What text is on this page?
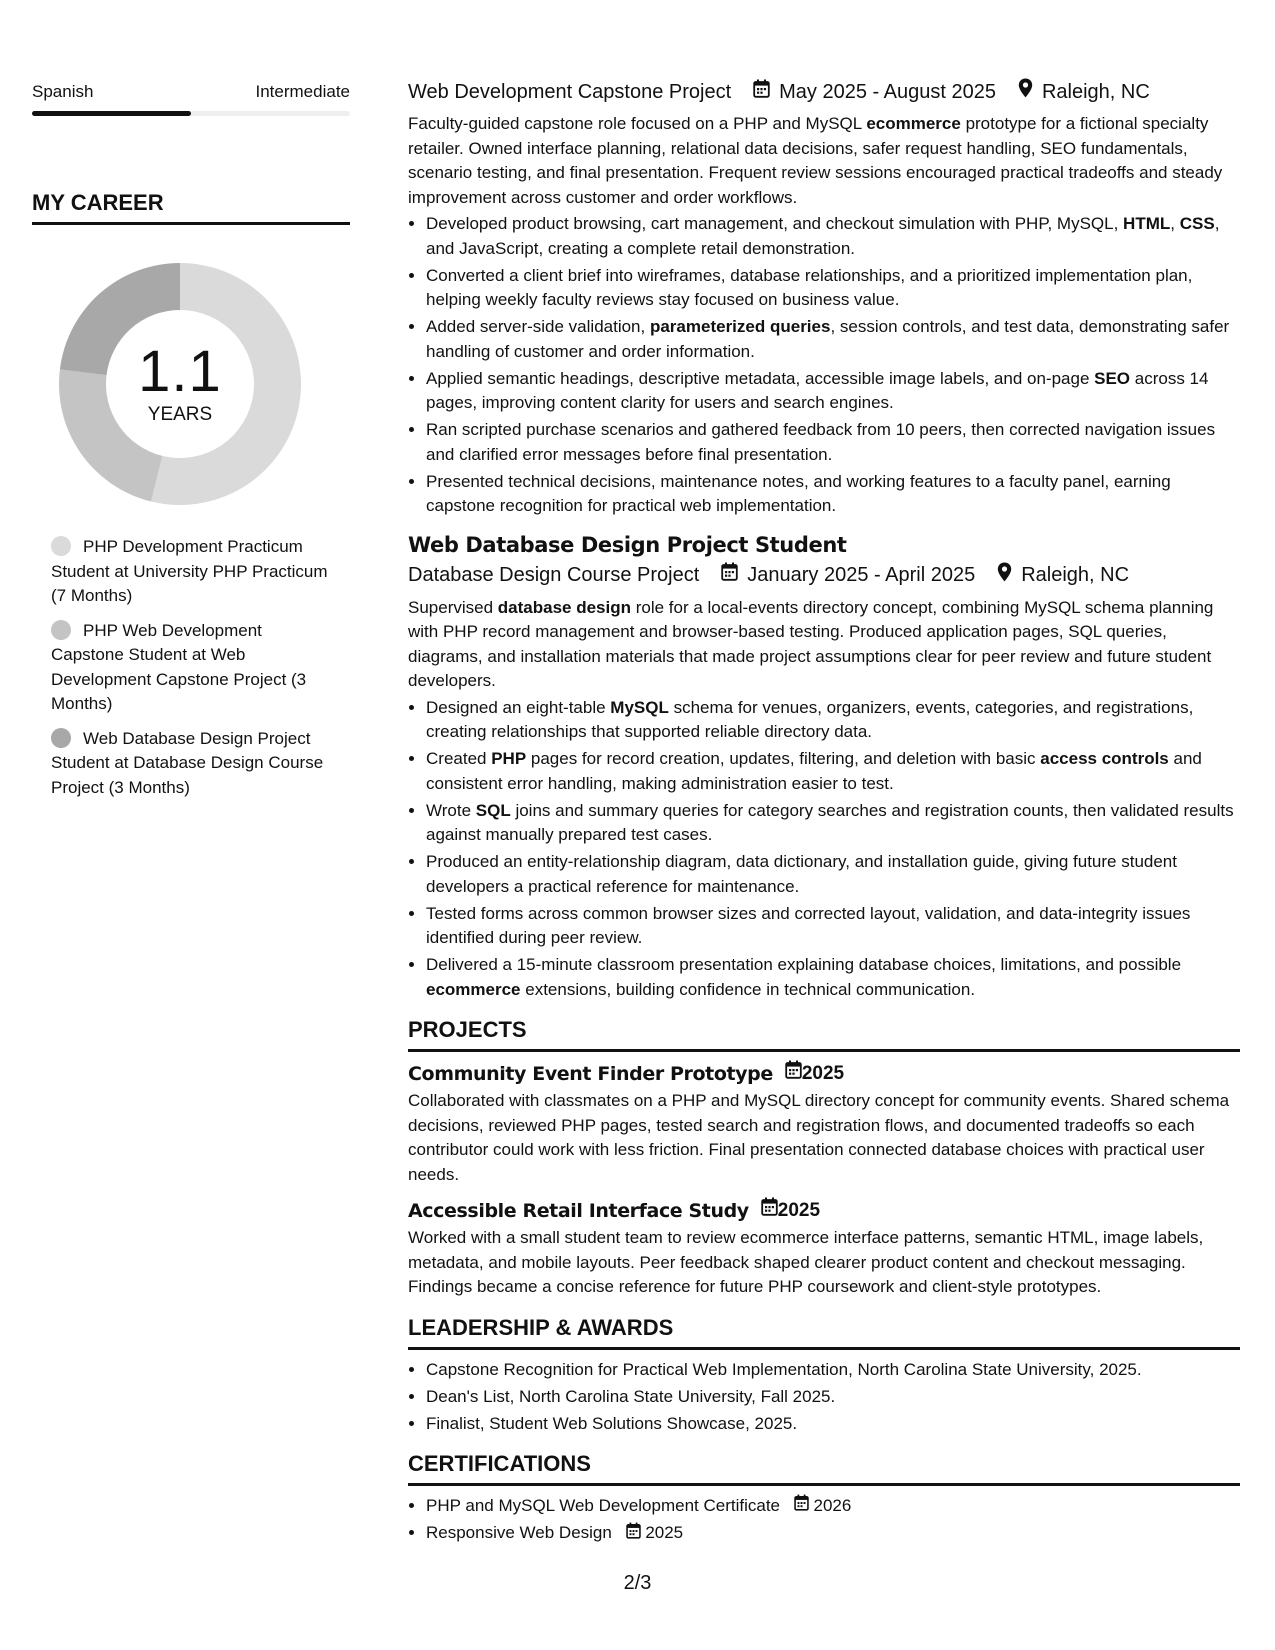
Spanish	Intermediate
MY CAREER
1.1
YEARS
PHP Development Practicum Student at University PHP Practicum (7 Months)
PHP Web Development Capstone Student at Web Development Capstone Project (3 Months)
Web Database Design Project Student at Database Design Course Project (3 Months)
Web Development Capstone Project May 2025 - August 2025 Raleigh, NC

Faculty-guided capstone role focused on a PHP and MySQL ecommerce prototype for a fictional specialty retailer. Owned interface planning, relational data decisions, safer request handling, SEO fundamentals, scenario testing, and final presentation. Frequent review sessions encouraged practical tradeoffs and steady improvement across customer and order workflows.

• Developed product browsing, cart management, and checkout simulation with PHP, MySQL, HTML, CSS, and JavaScript, creating a complete retail demonstration.
• Converted a client brief into wireframes, database relationships, and a prioritized implementation plan, helping weekly faculty reviews stay focused on business value.
• Added server-side validation, parameterized queries, session controls, and test data, demonstrating safer handling of customer and order information.
• Applied semantic headings, descriptive metadata, accessible image labels, and on-page SEO across 14 pages, improving content clarity for users and search engines.
• Ran scripted purchase scenarios and gathered feedback from 10 peers, then corrected navigation issues and clarified error messages before final presentation.
• Presented technical decisions, maintenance notes, and working features to a faculty panel, earning capstone recognition for practical web implementation.
Web Database Design Project Student
Database Design Course Project January 2025 - April 2025 Raleigh, NC

Supervised database design role for a local-events directory concept, combining MySQL schema planning with PHP record management and browser-based testing. Produced application pages, SQL queries, diagrams, and installation materials that made project assumptions clear for peer review and future student developers.

• Designed an eight-table MySQL schema for venues, organizers, events, categories, and registrations, creating relationships that supported reliable directory data.
• Created PHP pages for record creation, updates, filtering, and deletion with basic access controls and consistent error handling, making administration easier to test.
• Wrote SQL joins and summary queries for category searches and registration counts, then validated results against manually prepared test cases.
• Produced an entity-relationship diagram, data dictionary, and installation guide, giving future student developers a practical reference for maintenance.
• Tested forms across common browser sizes and corrected layout, validation, and data-integrity issues identified during peer review.
• Delivered a 15-minute classroom presentation explaining database choices, limitations, and possible ecommerce extensions, building confidence in technical communication.
PROJECTS
Community Event Finder Prototype 2025

Collaborated with classmates on a PHP and MySQL directory concept for community events. Shared schema decisions, reviewed PHP pages, tested search and registration flows, and documented tradeoffs so each contributor could work with less friction. Final presentation connected database choices with practical user needs.

Accessible Retail Interface Study 2025

Worked with a small student team to review ecommerce interface patterns, semantic HTML, image labels, metadata, and mobile layouts. Peer feedback shaped clearer product content and checkout messaging. Findings became a concise reference for future PHP coursework and client-style prototypes.

LEADERSHIP & AWARDS
• Capstone Recognition for Practical Web Implementation, North Carolina State University, 2025.
• Dean's List, North Carolina State University, Fall 2025.
• Finalist, Student Web Solutions Showcase, 2025.
CERTIFICATIONS
• PHP and MySQL Web Development Certificate 2026
• Responsive Web Design 2025
2/3
